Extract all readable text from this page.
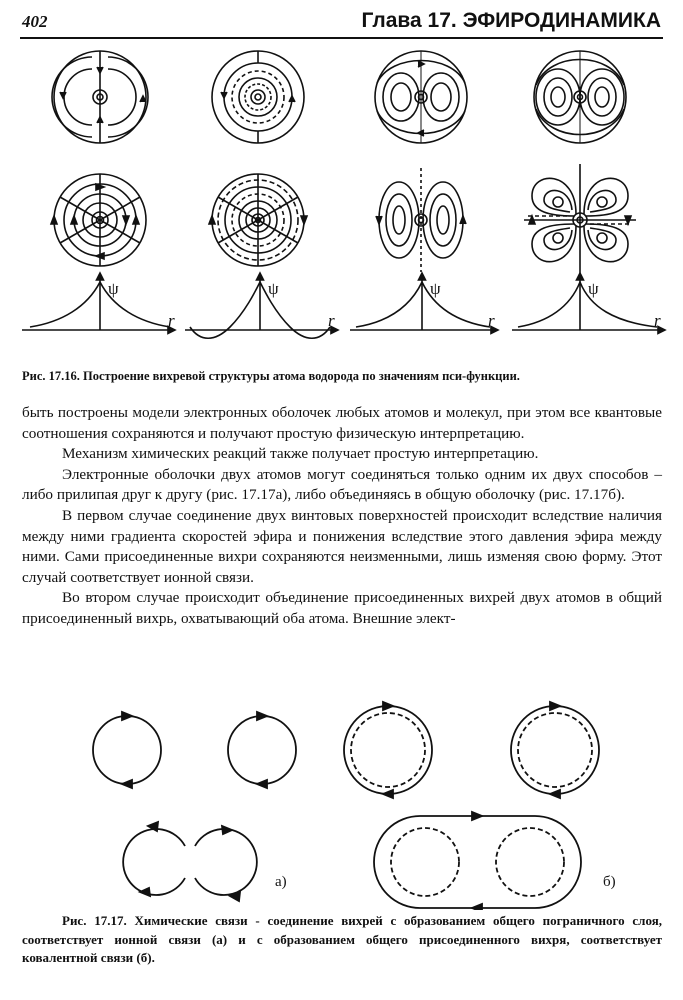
402	Глава 17. ЭФИРОДИНАМИКА
ψ
r
ψ
r
ψ
r
ψ
r
Рис. 17.16. Построение вихревой структуры атома водорода по значениям пси-функции.

быть построены модели электронных оболочек любых атомов и молекул, при этом все квантовые соотношения сохраняются и получают простую физическую интерпретацию.

Механизм химических реакций также получает простую интерпретацию.

Электронные оболочки двух атомов могут соединяться только одним их двух способов – либо прилипая друг к другу (рис. 17.17а), либо объединяясь в общую оболочку (рис. 17.17б).

В первом случае соединение двух винтовых поверхностей происходит вследствие наличия между ними градиента скоростей эфира и понижения вследствие этого давления эфира между ними. Сами присоединенные вихри сохраняются неизменными, лишь изменяя свою форму. Этот случай соответствует ионной связи.

Во втором случае происходит объединение присоединенных вихрей двух атомов в общий присоединенный вихрь, охватывающий оба атома. Внешние элект-

а)	б)
Рис. 17.17. Химические связи - соединение вихрей с образованием общего пограничного слоя, соответствует ионной связи (а) и с образованием общего присоединенного вихря, соответствует ковалентной связи (б).
